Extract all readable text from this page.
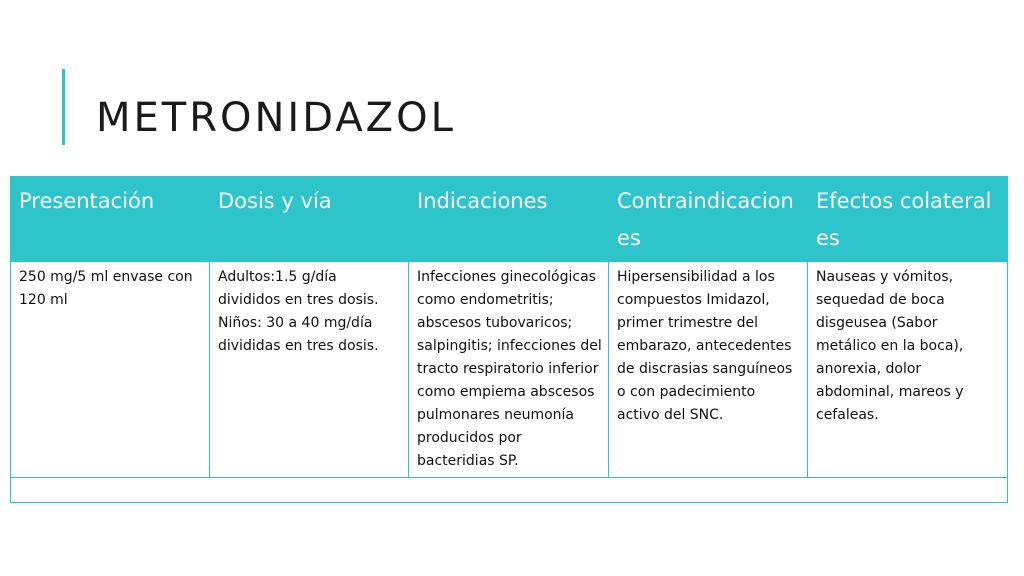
METRONIDAZOL
Presentación	Dosis y vía	Indicaciones	Contraindicaciones	Efectos colaterales
250 mg/5 ml envase con 120 ml	Adultos:1.5 g/día divididos en tres dosis. Niños: 30 a 40 mg/día divididas en tres dosis.	Infecciones ginecológicas como endometritis; abscesos tubovaricos; salpingitis; infecciones del tracto respiratorio inferior como empiema abscesos pulmonares neumonía producidos por bacteridias SP.	Hipersensibilidad a los compuestos Imidazol, primer trimestre del embarazo, antecedentes de discrasias sanguíneos o con padecimiento activo del SNC.	Nauseas y vómitos, sequedad de boca disgeusea (Sabor metálico en la boca), anorexia, dolor abdominal, mareos y cefaleas.
